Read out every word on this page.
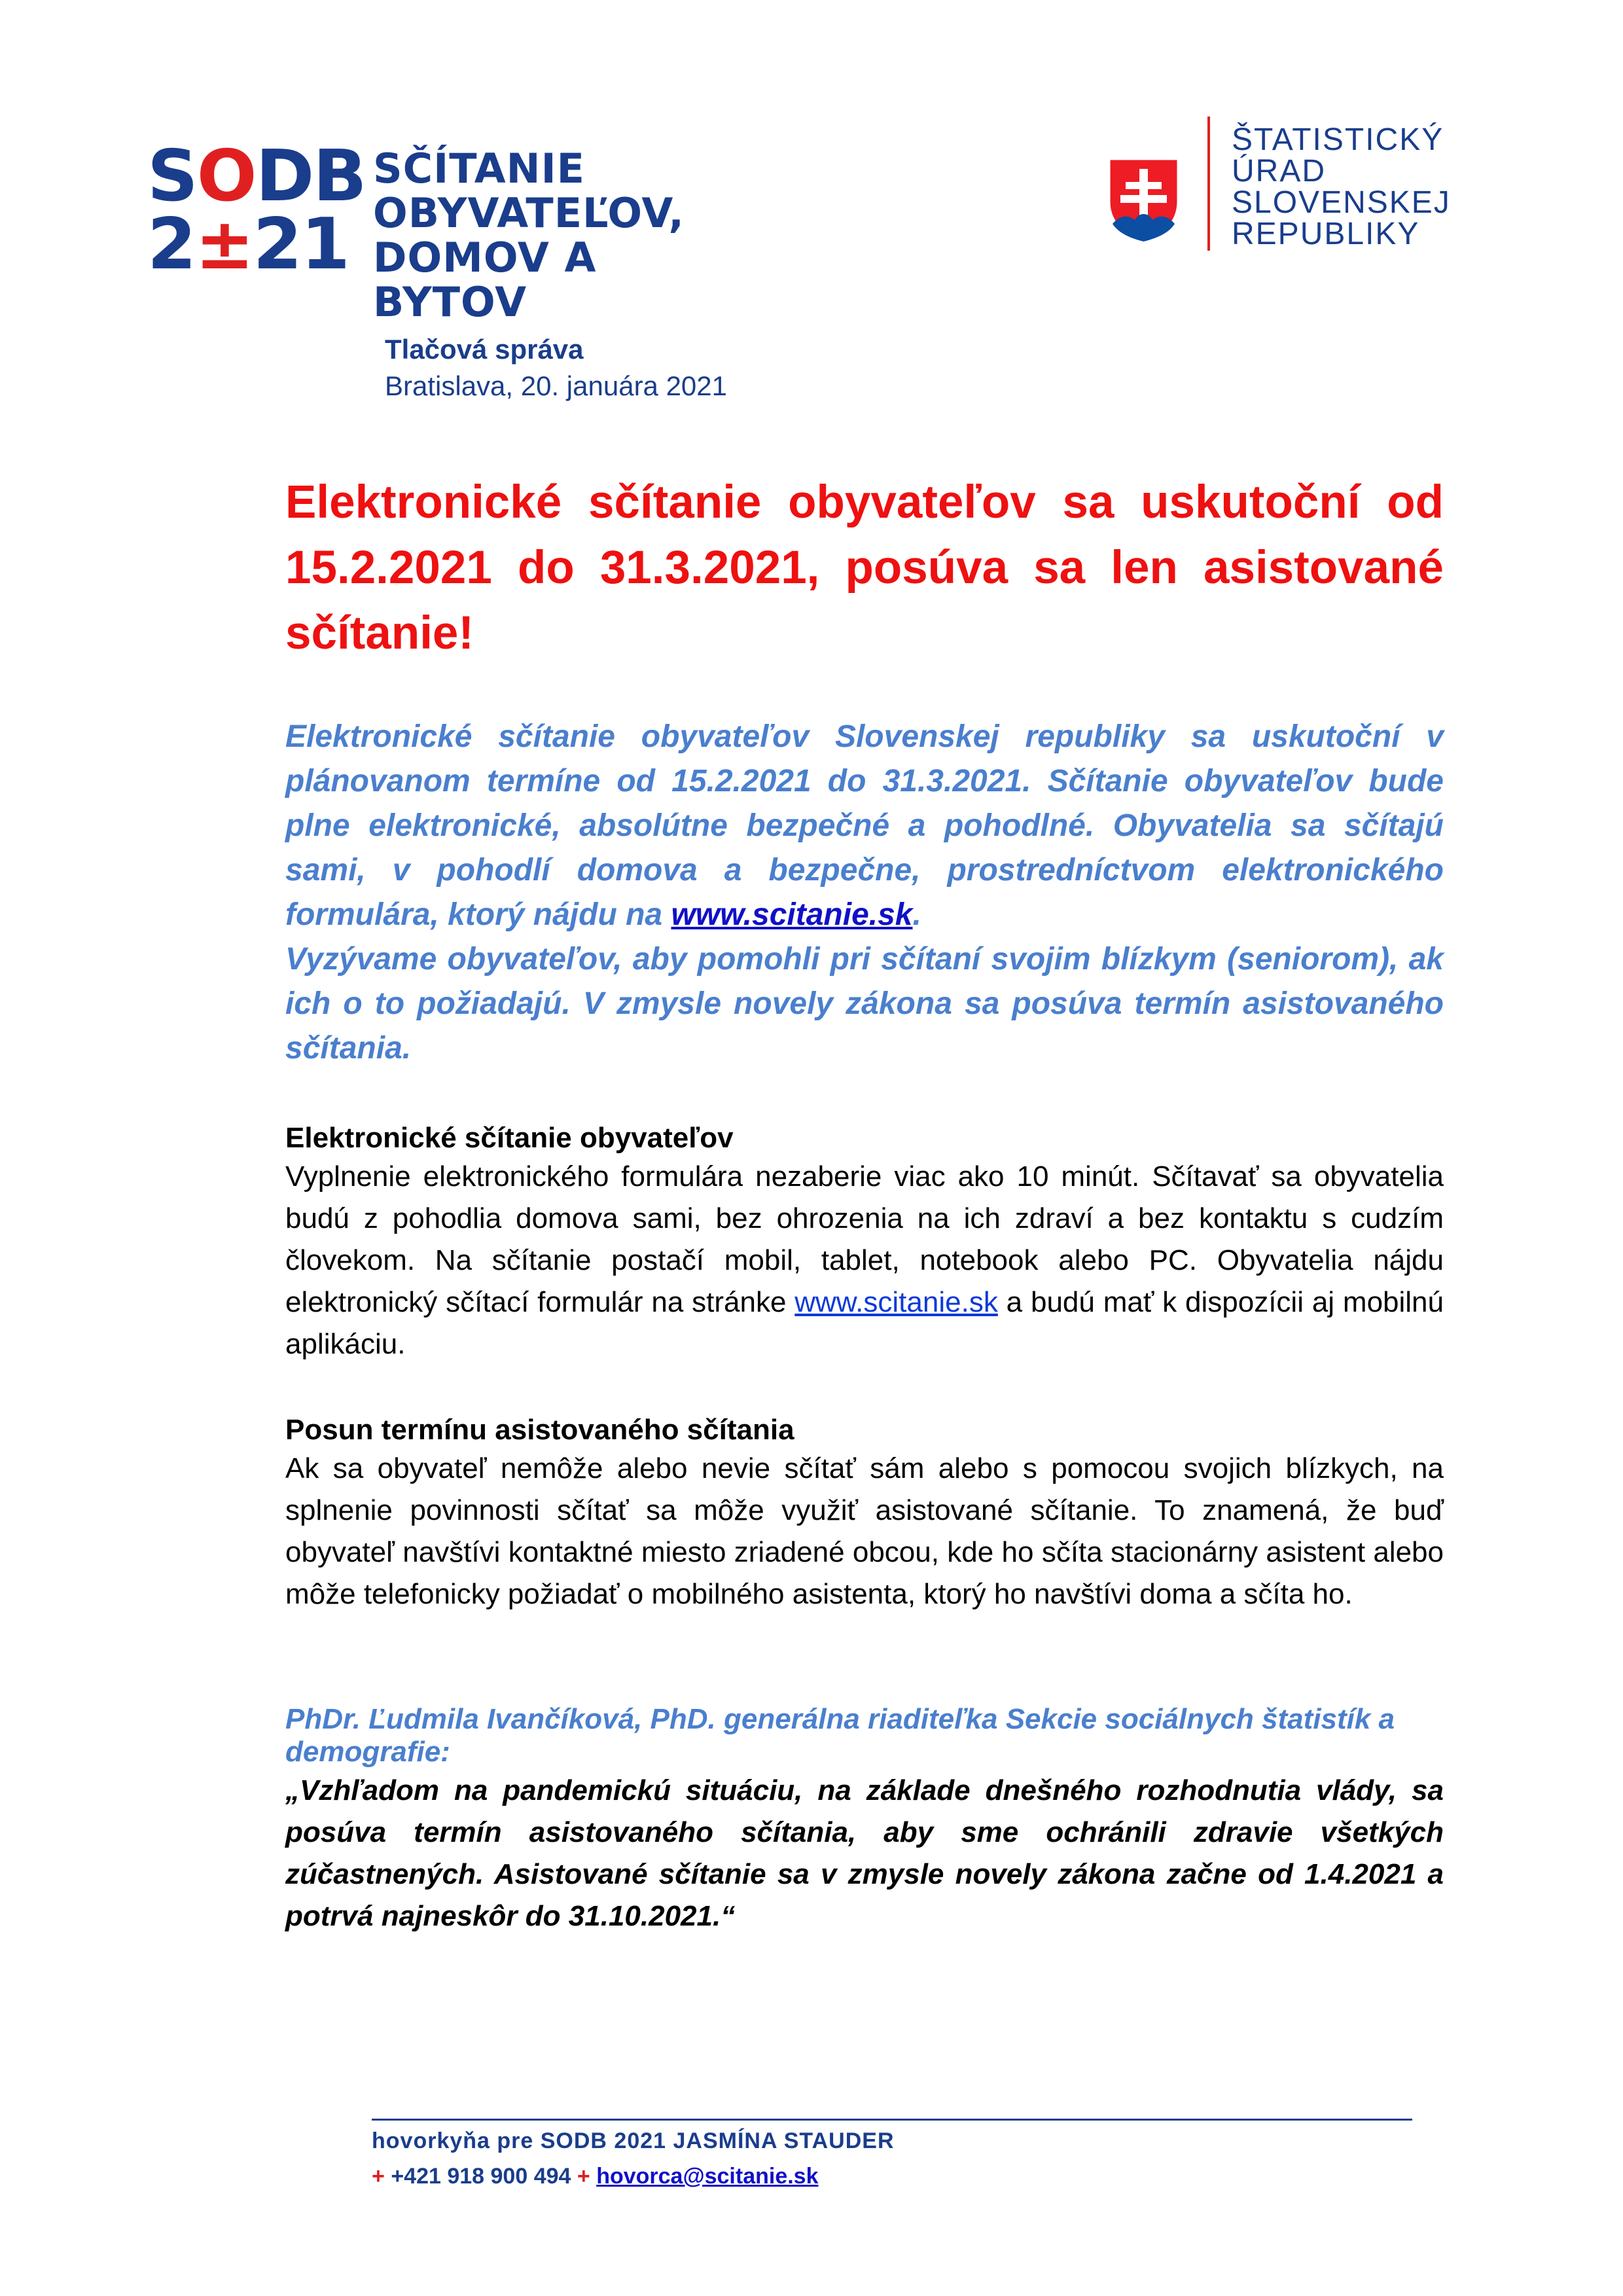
SODB
2±21
SČÍTANIE
OBYVATEĽOV,
DOMOV A BYTOV
ŠTATISTICKÝ
ÚRAD
SLOVENSKEJ
REPUBLIKY
Tlačová správa
Bratislava, 20. januára 2021
Elektronické sčítanie obyvateľov sa uskutoční od 15.2.2021 do 31.3.2021, posúva sa len asistované sčítanie!

Elektronické sčítanie obyvateľov Slovenskej republiky sa uskutoční v plánovanom termíne od 15.2.2021 do 31.3.2021. Sčítanie obyvateľov bude plne elektronické, absolútne bezpečné a pohodlné. Obyvatelia sa sčítajú sami, v pohodlí domova a bezpečne, prostredníctvom elektronického formulára, ktorý nájdu na www.scitanie.sk.

Vyzývame obyvateľov, aby pomohli pri sčítaní svojim blízkym (seniorom), ak ich o to požiadajú. V zmysle novely zákona sa posúva termín asistovaného sčítania.

Elektronické sčítanie obyvateľov
Vyplnenie elektronického formulára nezaberie viac ako 10 minút. Sčítavať sa obyvatelia budú z pohodlia domova sami, bez ohrozenia na ich zdraví a bez kontaktu s cudzím človekom. Na sčítanie postačí mobil, tablet, notebook alebo PC. Obyvatelia nájdu elektronický sčítací formulár na stránke www.scitanie.sk a budú mať k dispozícii aj mobilnú aplikáciu.
Posun termínu asistovaného sčítania
Ak sa obyvateľ nemôže alebo nevie sčítať sám alebo s pomocou svojich blízkych, na splnenie povinnosti sčítať sa môže využiť asistované sčítanie. To znamená, že buď obyvateľ navštívi kontaktné miesto zriadené obcou, kde ho sčíta stacionárny asistent alebo môže telefonicky požiadať o mobilného asistenta, ktorý ho navštívi doma a sčíta ho.
PhDr. Ľudmila Ivančíková, PhD. generálna riaditeľka Sekcie sociálnych štatistík a demografie:
„Vzhľadom na pandemickú situáciu, na základe dnešného rozhodnutia vlády, sa posúva termín asistovaného sčítania, aby sme ochránili zdravie všetkých zúčastnených. Asistované sčítanie sa v zmysle novely zákona začne od 1.4.2021 a potrvá najneskôr do 31.10.2021.“
hovorkyňa pre SODB 2021 JASMÍNA STAUDER
+ +421 918 900 494 + hovorca@scitanie.sk
